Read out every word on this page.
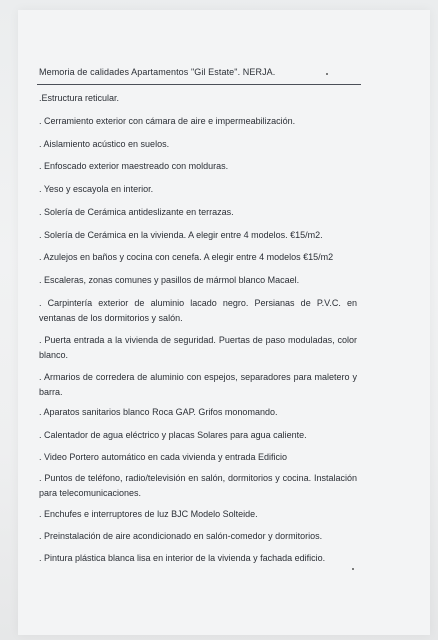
Memoria de calidades Apartamentos "Gil Estate". NERJA.
.Estructura reticular.
. Cerramiento exterior con cámara de aire e impermeabilización.
. Aislamiento acústico en suelos.
. Enfoscado exterior maestreado con molduras.
. Yeso y escayola en interior.
. Solería de Cerámica antideslizante en terrazas.
. Solería de Cerámica en la vivienda. A elegir entre 4 modelos. €15/m2.
. Azulejos en baños y cocina con cenefa. A elegir entre 4 modelos €15/m2
. Escaleras, zonas comunes y pasillos de mármol blanco Macael.
. Carpintería exterior de aluminio lacado negro. Persianas de P.V.C. en ventanas de los dormitorios y salón.
. Puerta entrada a la vivienda de seguridad. Puertas de paso moduladas, color blanco.
. Armarios de corredera de aluminio con espejos, separadores para maletero y barra.
. Aparatos sanitarios blanco Roca GAP. Grifos monomando.
. Calentador de agua eléctrico y placas Solares para agua caliente.
. Video Portero automático en cada vivienda y entrada Edificio
. Puntos de teléfono, radio/televisión en salón, dormitorios y cocina. Instalación para telecomunicaciones.
. Enchufes e interruptores de luz BJC Modelo Solteide.
. Preinstalación de aire acondicionado en salón-comedor y dormitorios.
. Pintura plástica blanca lisa en interior de la vivienda y fachada edificio.
